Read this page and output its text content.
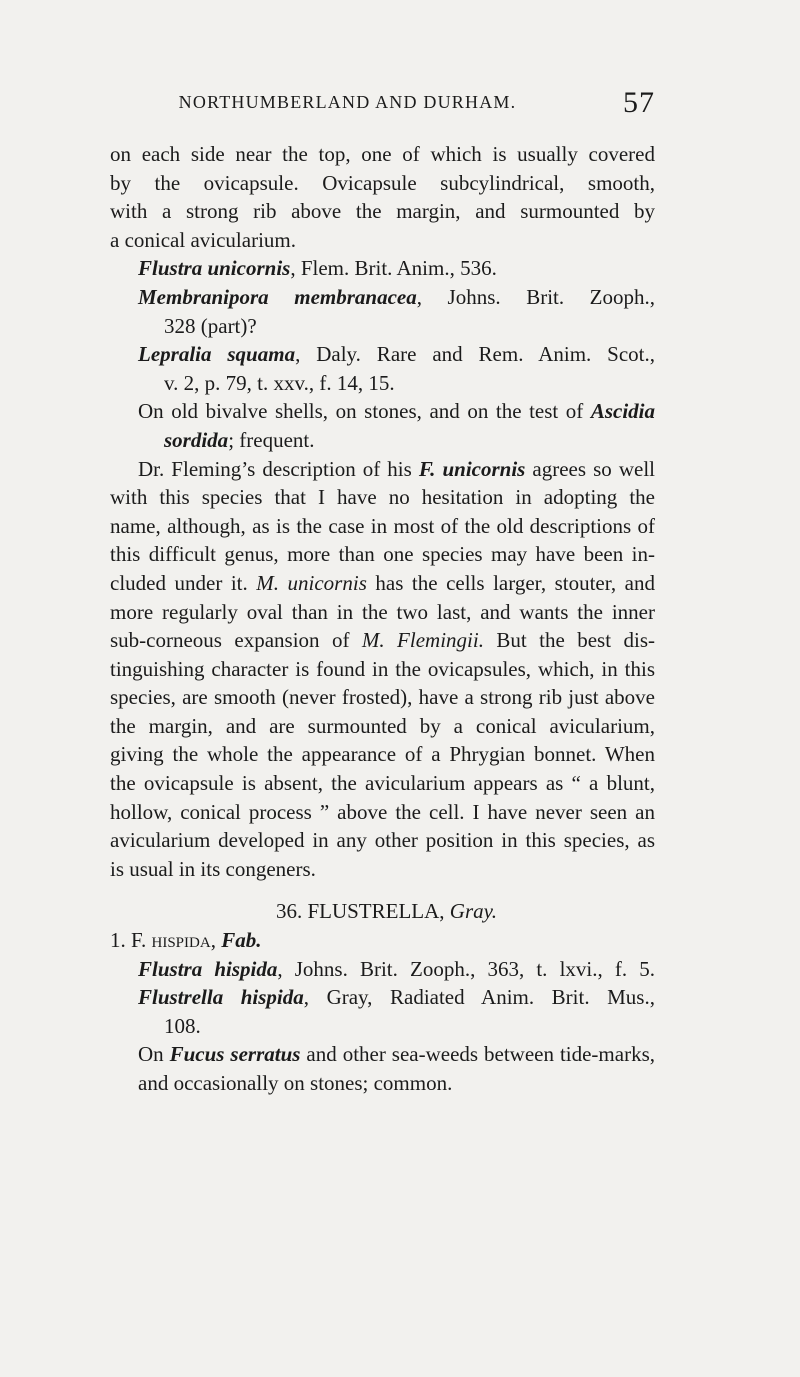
NORTHUMBERLAND AND DURHAM.	57
on each side near the top, one of which is usually covered
by the ovicapsule. Ovicapsule subcylindrical, smooth,
with a strong rib above the margin, and surmounted by
a conical avicularium.
Flustra unicornis, Flem. Brit. Anim., 536.
Membranipora membranacea, Johns. Brit. Zooph.,
328 (part)?
Lepralia squama, Daly. Rare and Rem. Anim. Scot.,
v. 2, p. 79, t. xxv., f. 14, 15.
On old bivalve shells, on stones, and on the test of Ascidia
sordida; frequent.
Dr. Fleming’s description of his F. unicornis agrees so well
with this species that I have no hesitation in adopting the
name, although, as is the case in most of the old descriptions of
this difficult genus, more than one species may have been in-
cluded under it. M. unicornis has the cells larger, stouter, and
more regularly oval than in the two last, and wants the inner
sub-corneous expansion of M. Flemingii. But the best dis-
tinguishing character is found in the ovicapsules, which, in this
species, are smooth (never frosted), have a strong rib just above
the margin, and are surmounted by a conical avicularium,
giving the whole the appearance of a Phrygian bonnet. When
the ovicapsule is absent, the avicularium appears as “ a blunt,
hollow, conical process ” above the cell. I have never seen an
avicularium developed in any other position in this species, as
is usual in its congeners.
36. FLUSTRELLA, Gray.
1. F. hispida, Fab.
Flustra hispida, Johns. Brit. Zooph., 363, t. lxvi., f. 5.
Flustrella hispida, Gray, Radiated Anim. Brit. Mus.,
108.
On Fucus serratus and other sea-weeds between tide-marks,
and occasionally on stones; common.
